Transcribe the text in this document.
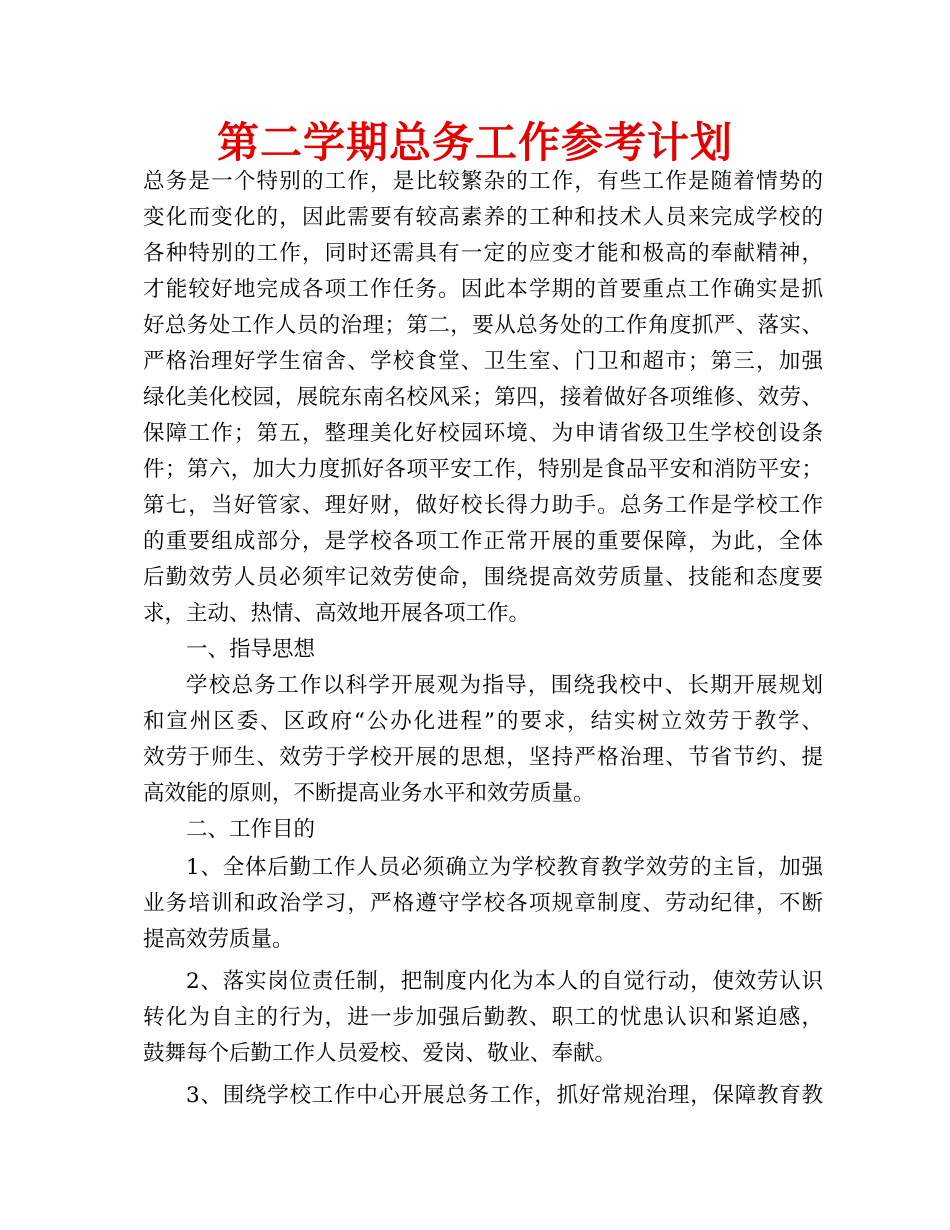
第二学期总务工作参考计划
总务是一个特别的工作，是比较繁杂的工作，有些工作是随着情势的
变化而变化的，因此需要有较高素养的工种和技术人员来完成学校的
各种特别的工作，同时还需具有一定的应变才能和极高的奉献精神，
才能较好地完成各项工作任务。因此本学期的首要重点工作确实是抓
好总务处工作人员的治理；第二，要从总务处的工作角度抓严、落实、
严格治理好学生宿舍、学校食堂、卫生室、门卫和超市；第三，加强
绿化美化校园，展皖东南名校风采；第四，接着做好各项维修、效劳、
保障工作；第五，整理美化好校园环境、为申请省级卫生学校创设条
件；第六，加大力度抓好各项平安工作，特别是食品平安和消防平安；
第七，当好管家、理好财，做好校长得力助手。总务工作是学校工作
的重要组成部分，是学校各项工作正常开展的重要保障，为此，全体
后勤效劳人员必须牢记效劳使命，围绕提高效劳质量、技能和态度要
求，主动、热情、高效地开展各项工作。
一、指导思想
学校总务工作以科学开展观为指导，围绕我校中、长期开展规划
和宣州区委、区政府“公办化进程”的要求，结实树立效劳于教学、
效劳于师生、效劳于学校开展的思想，坚持严格治理、节省节约、提
高效能的原则，不断提高业务水平和效劳质量。
二、工作目的
1、全体后勤工作人员必须确立为学校教育教学效劳的主旨，加强
业务培训和政治学习，严格遵守学校各项规章制度、劳动纪律，不断
提高效劳质量。
2、落实岗位责任制，把制度内化为本人的自觉行动，使效劳认识
转化为自主的行为，进一步加强后勤教、职工的忧患认识和紧迫感，
鼓舞每个后勤工作人员爱校、爱岗、敬业、奉献。
3、围绕学校工作中心开展总务工作，抓好常规治理，保障教育教
